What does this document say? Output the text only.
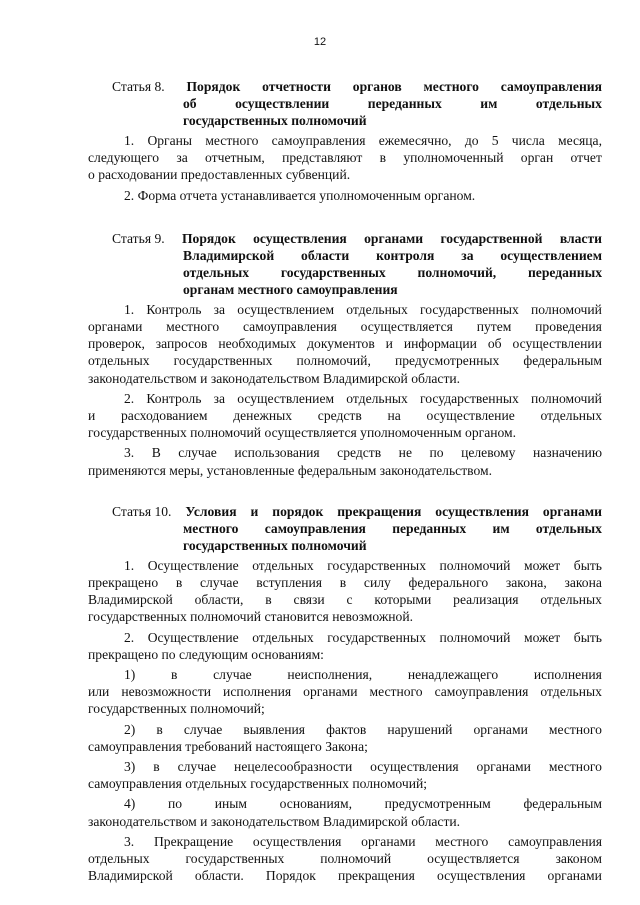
12
Статья 8. Порядок отчетности органов местного самоуправления
об	осуществлении	переданных	им	отдельных
государственных полномочий
1. Органы местного самоуправления ежемесячно, до 5 числа месяца,
следующего за отчетным, представляют в уполномоченный орган отчет
о расходовании предоставленных субвенций.
2. Форма отчета устанавливается уполномоченным органом.
Статья 9. Порядок осуществления органами государственной власти
Владимирской области контроля за осуществлением
отдельных государственных полномочий, переданных
органам местного самоуправления
1. Контроль за осуществлением отдельных государственных полномочий
органами местного самоуправления осуществляется путем проведения
проверок, запросов необходимых документов и информации об осуществлении
отдельных государственных полномочий, предусмотренных федеральным
законодательством и законодательством Владимирской области.
2. Контроль за осуществлением отдельных государственных полномочий
и расходованием денежных средств на осуществление отдельных
государственных полномочий осуществляется уполномоченным органом.
3. В случае использования средств не по целевому назначению
применяются меры, установленные федеральным законодательством.
Статья 10. Условия и порядок прекращения осуществления органами
местного самоуправления переданных им отдельных
государственных полномочий
1. Осуществление отдельных государственных полномочий может быть
прекращено в случае вступления в силу федерального закона, закона
Владимирской области, в связи с которыми реализация отдельных
государственных полномочий становится невозможной.
2. Осуществление отдельных государственных полномочий может быть
прекращено по следующим основаниям:
1)	в	случае	неисполнения,	ненадлежащего	исполнения
или невозможности исполнения органами местного самоуправления отдельных
государственных полномочий;
2) в случае выявления фактов нарушений органами местного
самоуправления требований настоящего Закона;
3) в случае нецелесообразности осуществления органами местного
самоуправления отдельных государственных полномочий;
4) по иным основаниям, предусмотренным федеральным
законодательством и законодательством Владимирской области.
3. Прекращение осуществления органами местного самоуправления
отдельных	государственных	полномочий	осуществляется	законом
Владимирской области. Порядок прекращения осуществления органами
